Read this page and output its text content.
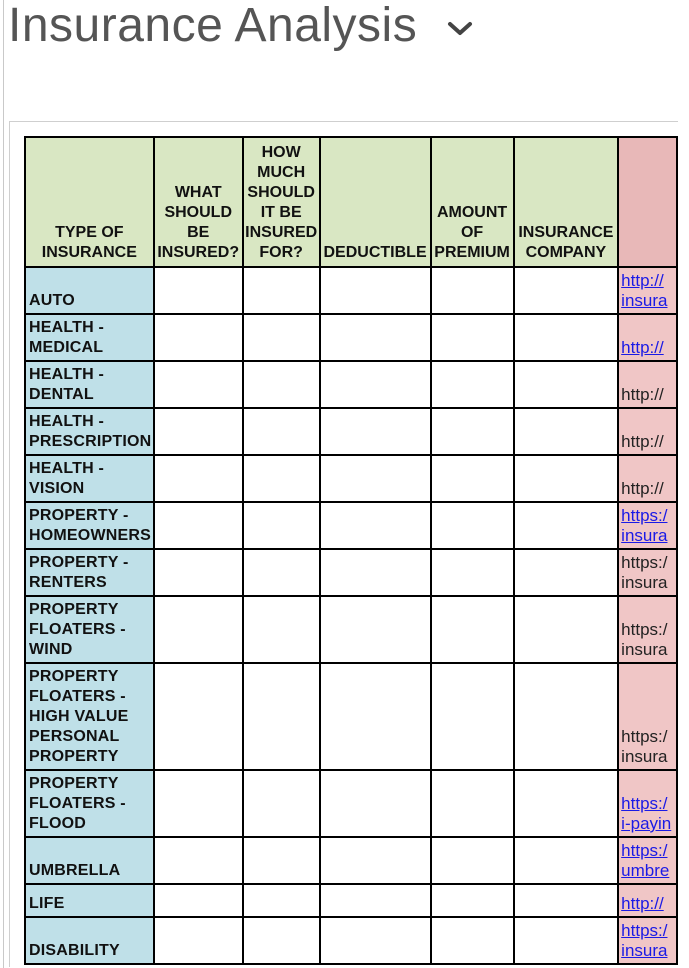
Insurance Analysis
TYPE OF INSURANCE	WHAT SHOULD BE INSURED?	HOW MUCH SHOULD IT BE INSURED FOR?	DEDUCTIBLE	AMOUNT OF PREMIUM	INSURANCE COMPANY	
AUTO						http://
insura
HEALTH - MEDICAL						http://
HEALTH - DENTAL						http://
HEALTH - PRESCRIPTION						http://
HEALTH - VISION						http://
PROPERTY - HOMEOWNERS						https:/
insura
PROPERTY - RENTERS						https:/
insura
PROPERTY FLOATERS - WIND						https:/
insura
PROPERTY FLOATERS - HIGH VALUE PERSONAL PROPERTY						https:/
insura
PROPERTY FLOATERS - FLOOD						https:/
i-payin
UMBRELLA						https:/
umbre
LIFE						http://
DISABILITY						https:/
insura
